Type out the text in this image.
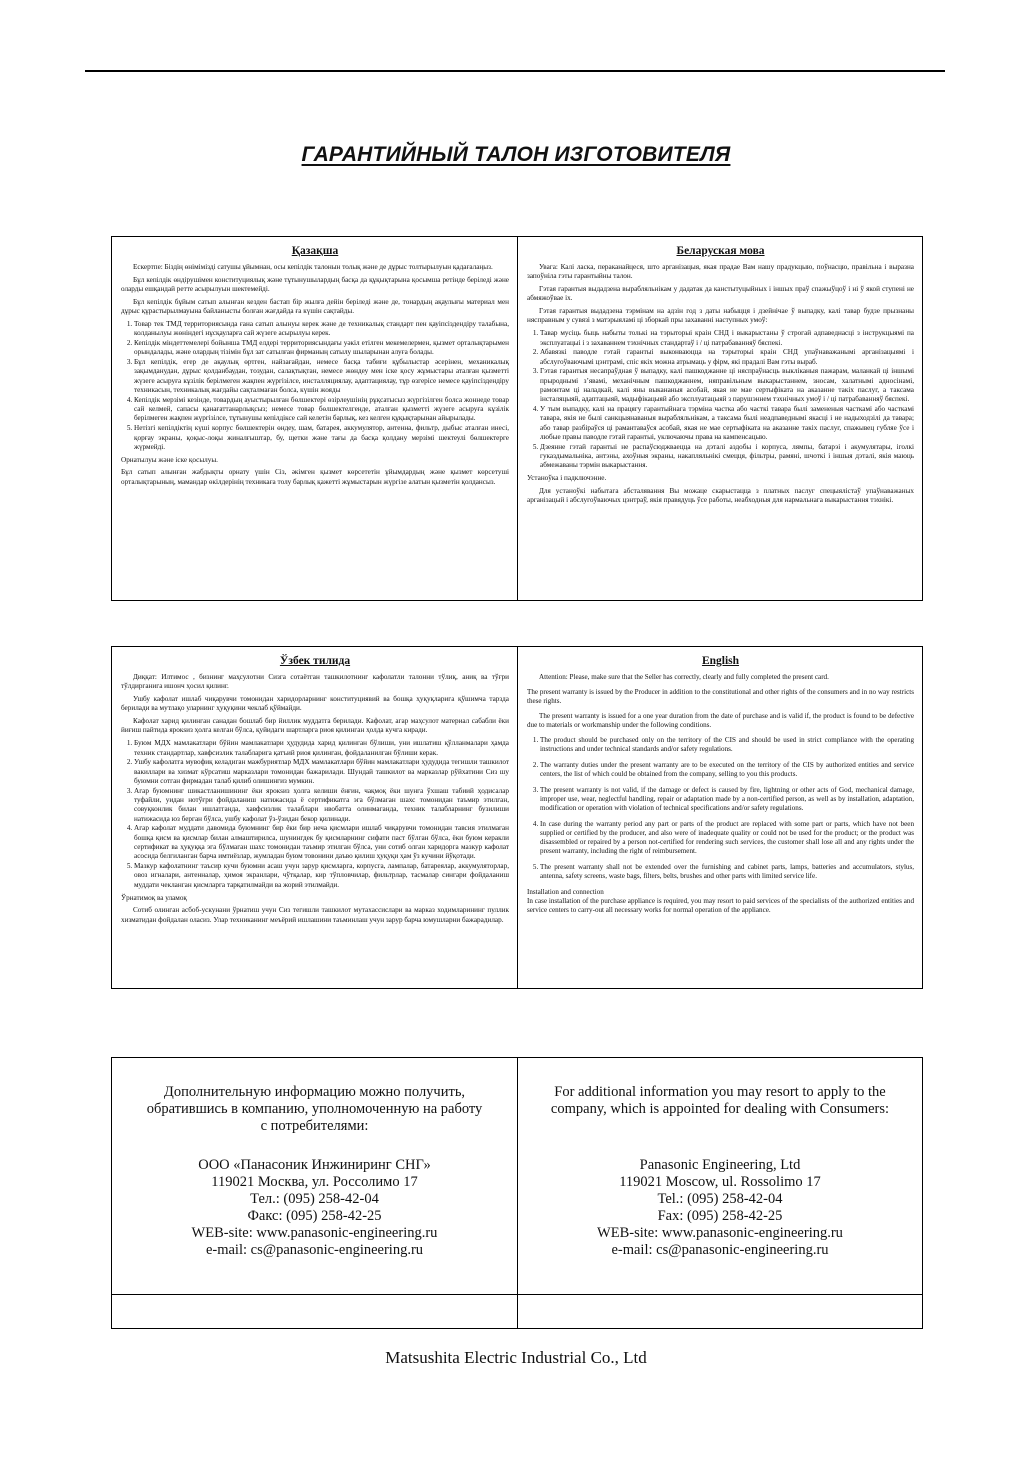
ГАРАНТИЙНЫЙ ТАЛОН ИЗГОТОВИТЕЛЯ
Қазақша

Ескертпе: Біздің өнімімізді сатушы ұйымнан, осы кепілдік талонын толық және де дұрыс толтырылуын қадағалаңыз.

Бұл кепілдік өндірушімен конституциялық және тұтынушылардың басқа да құқықтарына қосымша ретінде беріледі және оларды ешқандай ретте асырылуын шектемейді.

Бұл кепілдік бұйым сатып алынған кезден бастап бір жылға дейін беріледі және де, тонардың ақаулығы материал мен дұрыс құрастырылмауына байланысты болған жағдайда ға күшін сақтайды.

1. Товар тек ТМД территориясында ғана сатып алынуы керек және де техникалық стандарт пен қауіпсіздендіру талабына, колданылуы жөніндегі нұсқауларға сай жүзеге асырылуы керек.
2. Кепілдік міндеттемелері бойынша ТМД елдері территориясындағы уәкіл етілген мекемелермен, қызмет орталықтарымен орындалады, және олардың тізімін бұл зат сатылған фирманың сатылу шыларынан алуға болады.
3. Бұл кепілдік, егер де ақаулық өртген, найзағайдан, немесе басқа табиғи құбылыстар әсерінен, механикалық зақымданудан, дұрыс қолданбаудан, тозудан, салақтықтан, немесе жөндеу мен іске қосу жұмыстары аталған қызметті жүзеге асыруға кұзілік берілмеген жақпен жүргізілсе, инсталляциялау, адаптациялау, тұр өзгерісе немесе қауіпсіздендіру техникасын, техникалық жағдайы сақталмаған болса, күшін жояды
4. Кепілдік мерзімі кезінде, товардың ауыстырылған бөлшектері өзірлеушінің рұқсатысыз жүргізілген болса жоннеде товар сай келмей, сапасы қанағаттанарлықсыз; немесе товар бөлшектелгенде, аталған қызметті жүзеге асыруға кұзілік берілмеген жақпен жүргізілсе, тұтынушы кепілдіксе сай келетін барлық, кез келген құқықтарынан айырылады.
5. Нетізгі кепілдіктің күші корпус бөлшектерін өндеу, шам, батарея, аккумулятор, антенна, фильтр, дыбыс аталған инесі, қорғау экраны, қоқыс-лоқы жиналғыштар, бу, щетки және тағы да басқа қолдану мерзімі шектеулі бөлшектерге жүрмейді.

Орнатылуы және іске қосылуы.

Бұл сатып алынған жабдықты орнату үшін Сіз, әкімген қызмет көрсететін ұйымдардың және қызмет көрсетуші орталықтарының, мамандар өкілдерінің техникаға толу барлық қажетті жұмыстарын жүргізе алатын қызметін қолдансыз.

Беларуская мова

Увага: Калі ласка, пераканайцеся, што арганізацыя, якая прадае Вам нашу прадукцыю, поўнасцю, правільна і выразна запоўніла гэты гарантыйны талон.

Гэтая гарантыя выдадзена вырабляльнікам у дадатак да канстытуцыйных і іншых праў спажыўцоў і ні ў якой ступені не абмяжоўвае іх.

Гэтая гарантыя выдадзена тэрмінам на адзін год з даты набыцця і дзейнічае ў выпадку, калі тавар будзе прызнаны нясправным у сувязі з матэрыяламі ці зборкай пры захаванні наступных умоў:

1. Тавар мусіць быць набыты толькі на тэрыторыі краін СНД і выкарыстаны ў строгай адпаведнасці з інструкцыямі па эксплуатацыі і з захаваннем тэхнічных стандартаў і / ці патрабаванняў бяспекі.
2. Абавязкі паводле гэтай гарантыі выконваюцца на тэрыторыі краін СНД упаўнаважанымі арганізацыямі і абслугоўваючымі цэнтрамі, спіс якіх можна атрымаць у фірм, які прадалі Вам гэты выраб.
3. Гэтая гарантыя несапраўдная ў выпадку, калі пашкоджанне ці няспраўнасць выкліканыя пажарам, маланкай ці іншымі прыроднымі з’явамі, механічным пашкоджаннем, няправільным выкарыстаннем, зносам, халатнымі адносінамі, рамонтам ці наладкай, калі яны выкананыя асобай, якая не мае сертыфіката на аказанне такіх паслуг, а таксама інсталяцыяй, адаптацыяй, мадыфікацыяй або эксплуатацыяй з парушэннем тэхнічных умоў і / ці патрабаванняў бяспекі.
4. У тым выпадку, калі на працягу гарантыйнага тэрміна частка або часткі тавара былі замененыя часткамі або часткамі тавара, якія не былі санкцыянаваныя вырабляльнікам, а таксама былі неадпаведнымі якасці і не надыходзілі да тавара; або тавар разбіраўся ці рамантаваўся асобай, якая не мае сертыфіката на аказанне такіх паслуг, спажывец губляе ўсе і любые правы паводле гэтай гарантыі, уключаючы права на кампенсацыю.
5. Дзеянне гэтай гарантыі не распаўсюджваецца на дэталі аздобы і корпуса, лямпы, батарэі і акумулятары, іголкі гуказдымальніка, антэны, ахоўныя экраны, накапляльнікі смецця, фільтры, рамяні, шчоткі і іншыя дэталі, якія маюць абмежаваны тэрмін выкарыстання.

Устаноўка і падключэнне.

Для устаноўкі набытага абсталявання Вы можаце скарыстацца з платных паслуг спецыялістаў упаўнаважаных арганізацый і абслугоўваючых цэнтраў, якія правядуць ўсе работы, неабходныя для нармальнага выкарыстання тэхнікі.

Ўзбек тилида

Диққат: Илтимос , бизнинг маҳсулотни Сизга сотаётган ташкилотнинг кафолатли талонни тўлиқ, аниқ ва тўғри тўлдирганига ишонч ҳосил қилинг.

Ушбу кафолат ишлаб чиқарувчи томонидан харидорларнинг конституциявий ва бошқа ҳуқуқларига қўшимча тарзда берилади ва мутлақо уларнинг ҳуқуқини чеклаб қўймайди.

Кафолат харид қилинган санадан бошлаб бир йиллик муддатга берилади. Кафолат, агар маҳсулот материал сабабли ёки йиғиш пайтида ярокsиз ҳолга келган бўлса, қуйидаги шартларга риоя қилинган ҳолда кучга киради.

1. Буюм МДХ мамлакатлари бўйин мамлакатлари ҳудудида харид қилинган бўлиши, уни ишлатиш қўлланмалари ҳамда техник стандартлар, хавфсизлик талабларига қатъий риоя қилинган, фойдаланилган бўлиши керак.
2. Ушбу кафолатга мувофиқ келадиган мажбуриятлар МДХ мамлакатлари бўйин мамлакатлари ҳудудида тегишли ташкилот вакиллари ва хизмат кўрсатиш марказлари томонидан бажарилади. Шундай ташкилот ва марказлар рўйхатини Сиз шу буюмни сотган фирмадан талаб қилиб олишингиз мумкин.
3. Агар буюмнинг шикастланишининг ёки ярокsиз ҳолга келиши ёнғин, чақмоқ ёки шунга ўхшаш табиий ҳодисалар туфайли, уидан нотўғри фойдаланиш натижасида ё сертификатга эга бўлмаган шахс томонидан таъмир этилган, совуқконлик билан ишлатганда, хавфсизлик талаблари нвобатта олинмаганда, техник талабларнинг бузилиши натижасида юз берган бўлса, ушбу кафолат ўз-ўзидан бекор қилинади.
4. Агар кафолат муддати давомида буюмнинг бир ёки бир неча қисмлари ишлаб чиқарувчи томонидан тавсия этилмаган бошқа қисм ва қисмлар билан алмаштирилса, шунингдек бу қисмларнинг сифати паст бўлган бўлса, ёки буюм керакли сертификат ва ҳуқуққа эга бўлмаган шахс томонидан таъмир этилган бўлса, уни сотиб олган харидорга мазкур кафолат асосида белгиланган барча имтиёзлар, жумладан буюм товонини даъво қилиш ҳуқуқи ҳам ўз кучини йўқотади.
5. Мазкур кафолатнинг таъсир кучи буюмни асаш учун зарур қисмларга, корпусга, лампалар, батареялар, аккумуляторлар, овоз игналари, антенналар, ҳимоя экранлари, чўтқалар, кир тўпловчилар, фильтрлар, тасмалар сингари фойдаланиш муддати чекланган қисмларга тарқатилмайди ва жорий этилмайди.

Ўрнатимоқ ва уламоқ

Сотиб олинган асбоб-ускунани ўрнатиш учун Сиз тегишли ташкилот мутахассислари ва марказ ходимларининг пуллик хизматидан фойдалан оласиз. Улар техниканинг меъёрий ишлашини таъминлаш учун зарур барча юмушларни бажарадилар.

English

Attention: Please, make sure that the Seller has correctly, clearly and fully completed the present card.

The present warranty is issued by the Producer in addition to the constitutional and other rights of the consumers and in no way restricts these rights.

The present warranty is issued for a one year duration from the date of purchase and is valid if, the product is found to be defective due to materials or workmanship under the following conditions.

1. The product should be purchased only on the territory of the CIS and should be used in strict compliance with the operating instructions and under technical standards and/or safety regulations.
2. The warranty duties under the present warranty are to be executed on the territory of the CIS by authorized entities and service centers, the list of which could be obtained from the company, selling to you this products.
3. The present warranty is not valid, if the damage or defect is caused by fire, lightning or other acts of God, mechanical damage, improper use, wear, neglectful handling, repair or adaptation made by a non-certified person, as well as by installation, adaptation, modification or operation with violation of technical specifications and/or safety regulations.
4. In case during the warranty period any part or parts of the product are replaced with some part or parts, which have not been supplied or certified by the producer, and also were of inadequate quality or could not be used for the product; or the product was disassembled or repaired by a person not-certified for rendering such services, the customer shall lose all and any rights under the present warranty, including the right of reimbursement.
5. The present warranty shall not be extended over the furnishing and cabinet parts, lamps, batteries and accumulators, stylus, antenna, safety screens, waste bags, filters, belts, brushes and other parts with limited service life.

Installation and connection

In case installation of the purchase appliance is required, you may resort to paid services of the specialists of the authorized entities and service centers to carry-out all necessary works for normal operation of the appliance.

Дополнительную информацию можно получить,
обратившись в компанию, уполномоченную на работу
с потребителями:
ООО «Панасоник Инжиниринг СНГ»
119021 Москва, ул. Россолимо 17
Тел.: (095) 258-42-04
Факс: (095) 258-42-25
WEB-site: www.panasonic-engineering.ru
e-mail: cs@panasonic-engineering.ru
For additional information you may resort to apply to the
company, which is appointed for dealing with Consumers:
Panasonic Engineering, Ltd
119021 Moscow, ul. Rossolimo 17
Tel.: (095) 258-42-04
Fax: (095) 258-42-25
WEB-site: www.panasonic-engineering.ru
e-mail: cs@panasonic-engineering.ru
Matsushita Electric Industrial Co., Ltd
